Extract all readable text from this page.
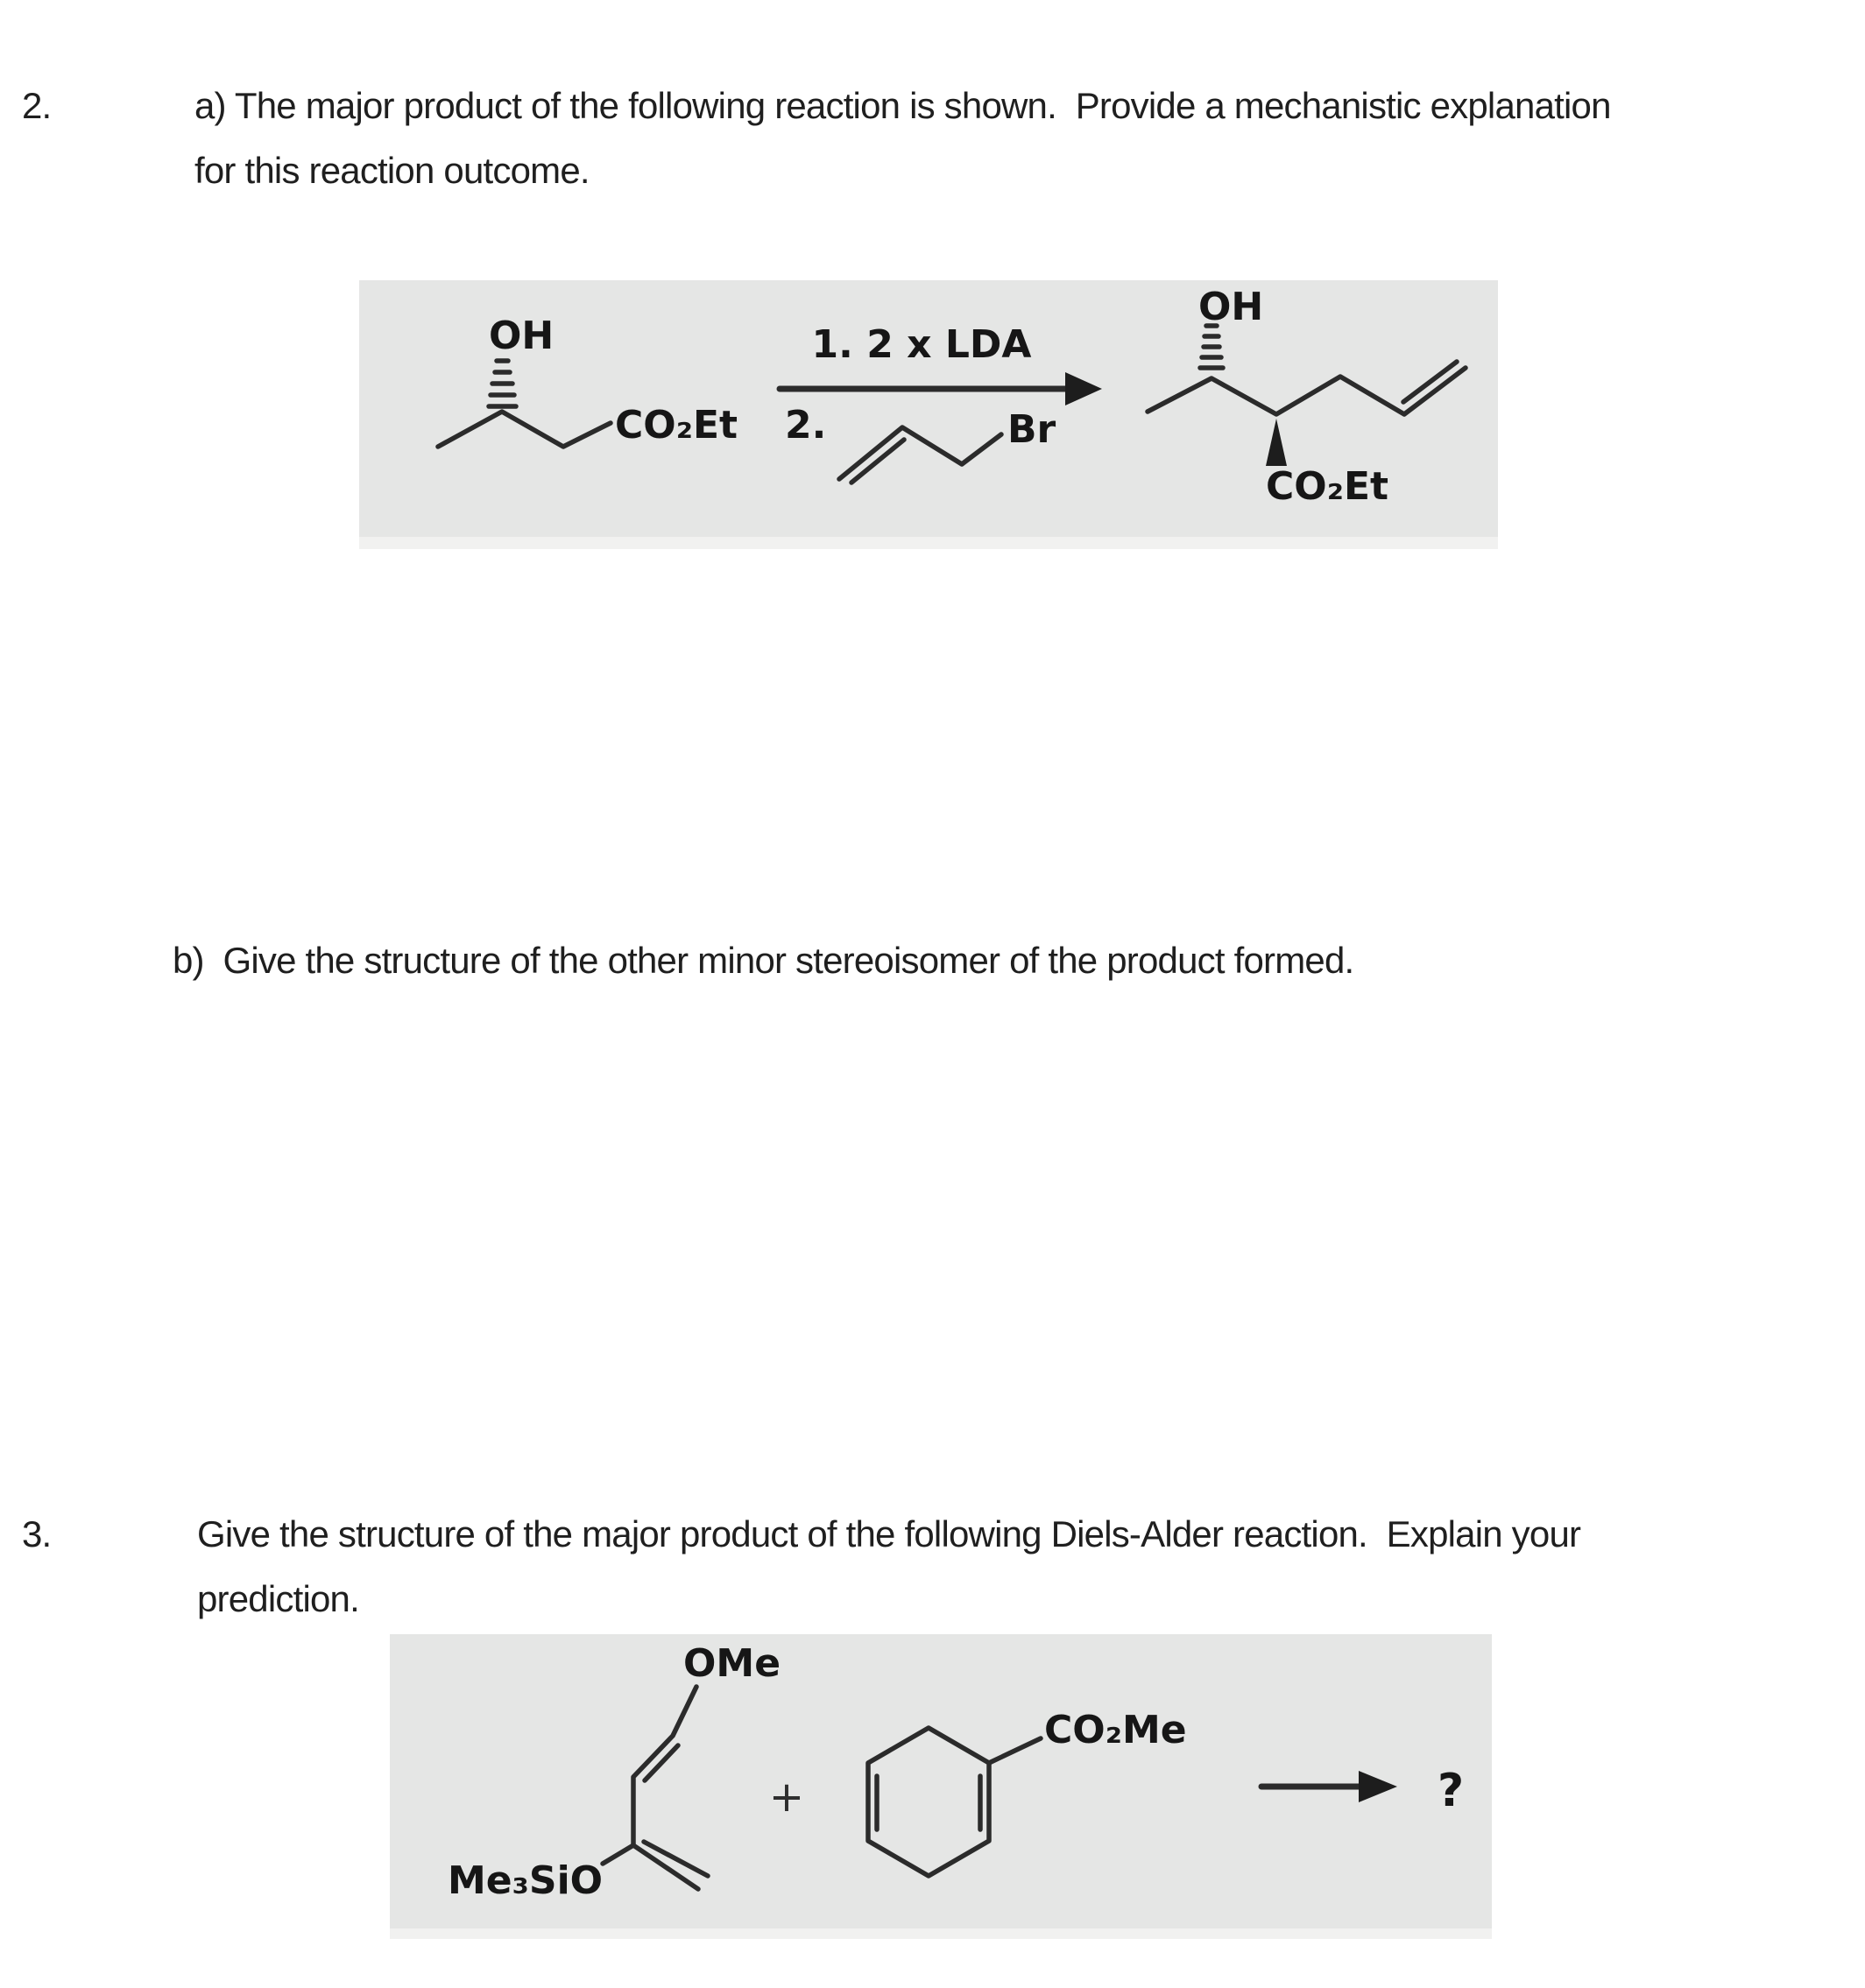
2.	a) The major product of the following reaction is shown.  Provide a mechanistic explanation
for this reaction outcome.
OH
CO₂Et
1. 2 x LDA
2.	Br
OH
CO₂Et
b)  Give the structure of the other minor stereoisomer of the product formed.
3.	Give the structure of the major product of the following Diels-Alder reaction.  Explain your
prediction.
OMe
Me₃SiO
+
CO₂Me
?
